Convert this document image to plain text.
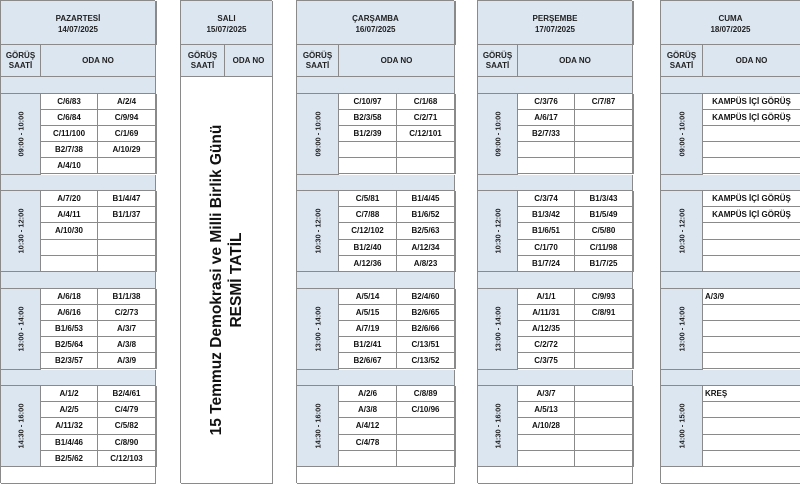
PAZARTESİ
14/07/2025
GÖRÜŞ SAATİ
ODA NO
09:00 - 10:00
C/6/83	A/2/4
C/6/84	C/9/94
C/11/100	C/1/69
B2/7/38	A/10/29
A/4/10
10:30 - 12:00
A/7/20	B1/4/47
A/4/11	B1/1/37
A/10/30
13:00 - 14:00
A/6/18	B1/1/38
A/6/16	C/2/73
B1/6/53	A/3/7
B2/5/64	A/3/8
B2/3/57	A/3/9
14:30 - 16:00
A/1/2	B2/4/61
A/2/5	C/4/79
A/11/32	C/5/82
B1/4/46	C/8/90
B2/5/62	C/12/103
SALI
15/07/2025
GÖRÜŞ SAATİ
ODA NO
15 Temmuz Demokrasi ve Milli Birlik Günü RESMİ TATİL
ÇARŞAMBA
16/07/2025
GÖRÜŞ SAATİ
ODA NO
09:00 - 10:00
C/10/97	C/1/68
B2/3/58	C/2/71
B1/2/39	C/12/101
10:30 - 12:00
C/5/81	B1/4/45
C/7/88	B1/6/52
C/12/102	B2/5/63
B1/2/40	A/12/34
A/12/36	A/8/23
13:00 - 14:00
A/5/14	B2/4/60
A/5/15	B2/6/65
A/7/19	B2/6/66
B1/2/41	C/13/51
B2/6/67	C/13/52
14:30 - 16:00
A/2/6	C/8/89
A/3/8	C/10/96
A/4/12
C/4/78
PERŞEMBE
17/07/2025
GÖRÜŞ SAATİ
ODA NO
09:00 - 10:00
C/3/76	C/7/87
A/6/17
B2/7/33
10:30 - 12:00
C/3/74	B1/3/43
B1/3/42	B1/5/49
B1/6/51	C/5/80
C/1/70	C/11/98
B1/7/24	B1/7/25
13:00 - 14:00
A/1/1	C/9/93
A/11/31	C/8/91
A/12/35
C/2/72
C/3/75
14:30 - 16:00
A/3/7
A/5/13
A/10/28
CUMA
18/07/2025
GÖRÜŞ SAATİ
ODA NO
09:00 - 10:00
KAMPÜS İÇİ GÖRÜŞ
KAMPÜS İÇİ GÖRÜŞ
10:30 - 12:00
KAMPÜS İÇİ GÖRÜŞ
KAMPÜS İÇİ GÖRÜŞ
13:00 - 14:00
A/3/9
14:00 - 15:00
KREŞ
